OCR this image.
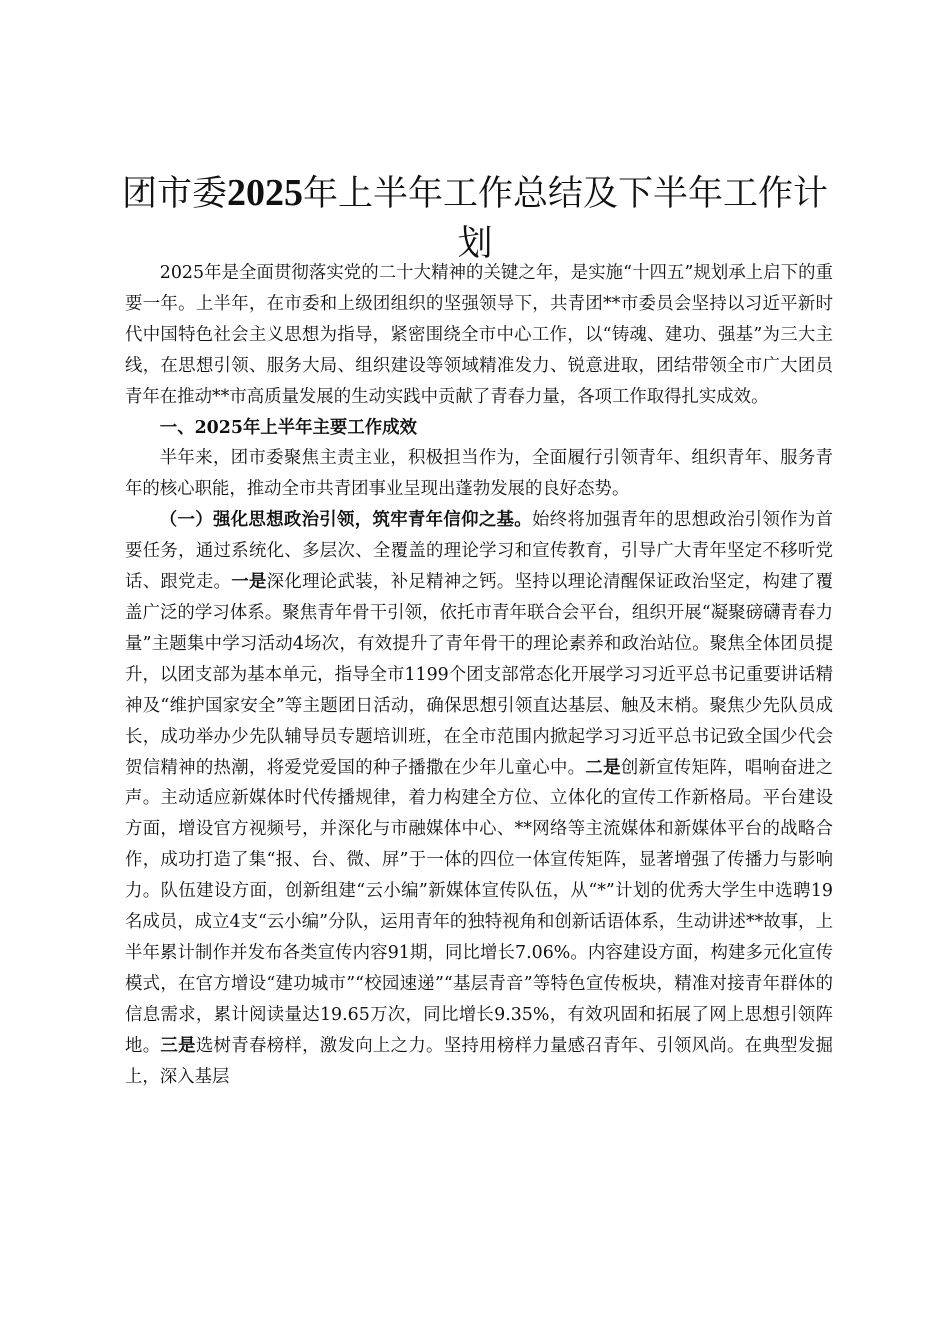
团市委2025年上半年工作总结及下半年工作计划

2025年是全面贯彻落实党的二十大精神的关键之年，是实施“十四五”规划承上启下的重要一年。上半年，在市委和上级团组织的坚强领导下，共青团**市委员会坚持以习近平新时代中国特色社会主义思想为指导，紧密围绕全市中心工作，以“铸魂、建功、强基”为三大主线，在思想引领、服务大局、组织建设等领域精准发力、锐意进取，团结带领全市广大团员青年在推动**市高质量发展的生动实践中贡献了青春力量，各项工作取得扎实成效。

一、2025年上半年主要工作成效

半年来，团市委聚焦主责主业，积极担当作为，全面履行引领青年、组织青年、服务青年的核心职能，推动全市共青团事业呈现出蓬勃发展的良好态势。

（一）强化思想政治引领，筑牢青年信仰之基。始终将加强青年的思想政治引领作为首要任务，通过系统化、多层次、全覆盖的理论学习和宣传教育，引导广大青年坚定不移听党话、跟党走。一是深化理论武装，补足精神之钙。坚持以理论清醒保证政治坚定，构建了覆盖广泛的学习体系。聚焦青年骨干引领，依托市青年联合会平台，组织开展“凝聚磅礴青春力量”主题集中学习活动4场次，有效提升了青年骨干的理论素养和政治站位。聚焦全体团员提升，以团支部为基本单元，指导全市1199个团支部常态化开展学习习近平总书记重要讲话精神及“维护国家安全”等主题团日活动，确保思想引领直达基层、触及末梢。聚焦少先队员成长，成功举办少先队辅导员专题培训班，在全市范围内掀起学习习近平总书记致全国少代会贺信精神的热潮，将爱党爱国的种子播撒在少年儿童心中。二是创新宣传矩阵，唱响奋进之声。主动适应新媒体时代传播规律，着力构建全方位、立体化的宣传工作新格局。平台建设方面，增设官方视频号，并深化与市融媒体中心、**网络等主流媒体和新媒体平台的战略合作，成功打造了集“报、台、微、屏”于一体的四位一体宣传矩阵，显著增强了传播力与影响力。队伍建设方面，创新组建“云小编”新媒体宣传队伍，从“*”计划的优秀大学生中选聘19名成员，成立4支“云小编”分队，运用青年的独特视角和创新话语体系，生动讲述**故事，上半年累计制作并发布各类宣传内容91期，同比增长7.06%。内容建设方面，构建多元化宣传模式，在官方增设“建功城市”“校园速递”“基层青音”等特色宣传板块，精准对接青年群体的信息需求，累计阅读量达19.65万次，同比增长9.35%，有效巩固和拓展了网上思想引领阵地。三是选树青春榜样，激发向上之力。坚持用榜样力量感召青年、引领风尚。在典型发掘上，深入基层
